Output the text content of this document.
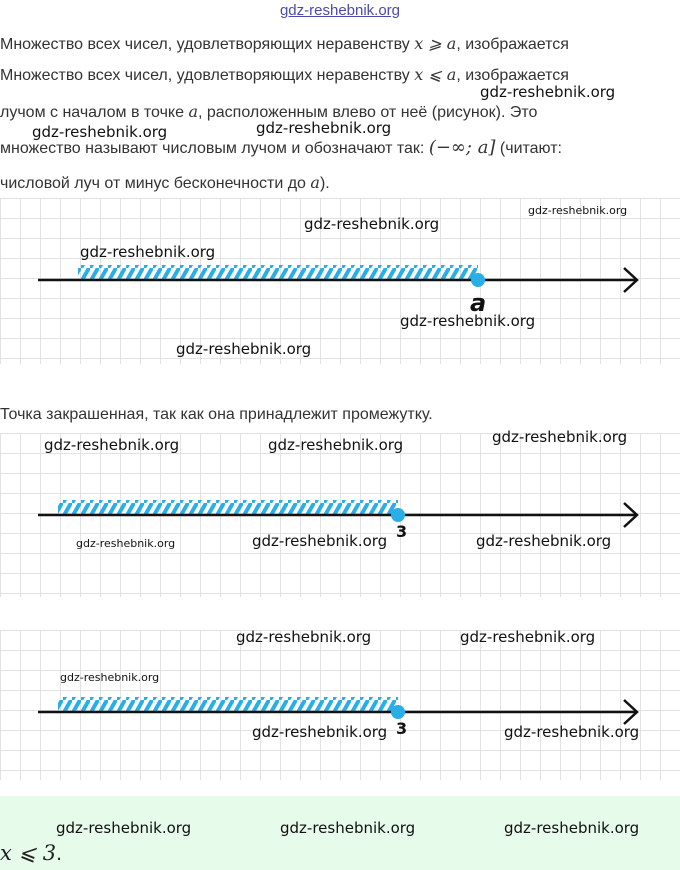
gdz-reshebnik.org
Множество всех чисел, удовлетворяющих неравенству x ⩾ a, изображается
Множество всех чисел, удовлетворяющих неравенству x ⩽ a, изображается
лучом с началом в точке a, расположенным влево от неё (рисунок). Это
множество называют числовым лучом и обозначают так: (−∞; a] (читают:
числовой луч от минус бесконечности до a).
a
Точка закрашенная, так как она принадлежит промежутку.
3
3
x ⩽ 3.
gdz-reshebnik.org
gdz-reshebnik.org	gdz-reshebnik.org
gdz-reshebnik.org
gdz-reshebnik.org
gdz-reshebnik.org
gdz-reshebnik.org
gdz-reshebnik.org
gdz-reshebnik.org
gdz-reshebnik.org	gdz-reshebnik.org
gdz-reshebnik.org	gdz-reshebnik.org	gdz-reshebnik.org
gdz-reshebnik.org	gdz-reshebnik.org
gdz-reshebnik.org
gdz-reshebnik.org	gdz-reshebnik.org
gdz-reshebnik.org	gdz-reshebnik.org	gdz-reshebnik.org
